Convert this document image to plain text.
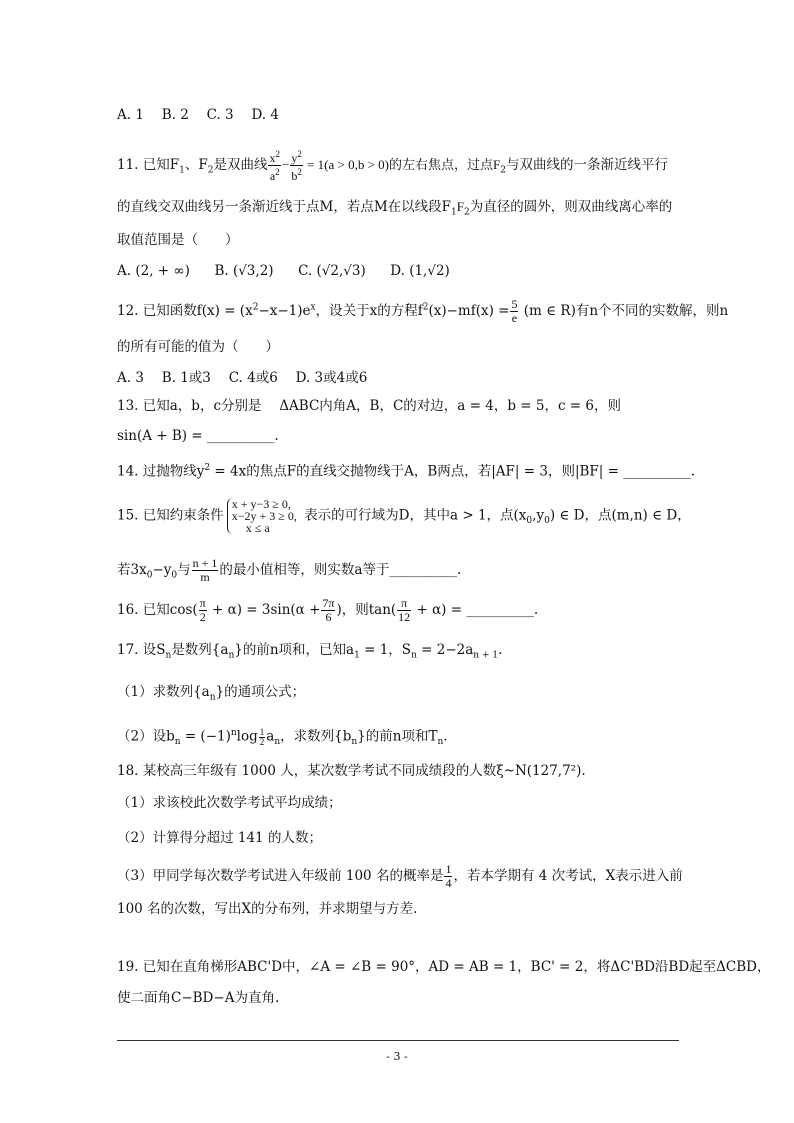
A. 1  B. 2  C. 3  D. 4
11. 已知$F_1$、$F_2$是双曲线 $\frac{x^2}{a^2} - \frac{y^2}{b^2} = 1(a > 0,b > 0)$的左右焦点，过点$F_2$与双曲线的一条渐近线平行
的直线交双曲线另一条渐近线于点M，若点M在以线段$F_1F_2$为直径的圆外，则双曲线离心率的
取值范围是（　　）
A. (2, + ∞)   B. (√3,2)   C. (√2,√3)   D. (1,√2)
12. 已知函数$f(x) = (x^2-x-1)e^x$，设关于x的方程$f^2(x)-mf(x) = \frac{5}{e} (m$ ∈ R)有n个不同的实数解，则n
的所有可能的值为（　　）
A. 3  B. 1或3  C. 4或6  D. 3或4或6
13. 已知a，b，c分别是　 ΔABC内角A，B，C的对边，a = 4，b = 5，c = 6，则
sin(A + B) = __________.
14. 过抛物线$y^2 = 4x$的焦点F的直线交抛物线于A，B两点，若|AF| = 3，则|BF| = __________.
15. 已知约束条件
x + y−3 ≥ 0,
x−2y + 3 ≥ 0,
x ≤ a
表示的可行域为D，其中a > 1，点$(x_0,y_0)$ ∈ D，点(m,n) ∈ D，
若$3x_0-y_0$与 $\frac{n + 1}{m}$ 的最小值相等，则实数a等于__________.
16. 已知$\cos( \frac{\pi}{2} + \alpha) = 3\sin(\alpha + \frac{7\pi}{6}$ )，则$\tan( \frac{\pi}{12} + \alpha)$ = __________.
17. 设$S_n$是数列$\{a_n\}$的前n项和，已知$a_1 = 1$，$S_n = 2-2a_{n + 1}$.
（1）求数列$\{a_n\}$的通项公式；
（2）设$b_n = (-1)^n\log \frac{1}{2} a_n$，求数列$\{b_n\}$的前n项和$T_n$.
18. 某校高三年级有 1000 人，某次数学考试不同成绩段的人数ξ~N(127,7²).
（1）求该校此次数学考试平均成绩；
（2）计算得分超过 141 的人数；
（3）甲同学每次数学考试进入年级前 100 名的概率是 $\frac{1}{4}$ ，若本学期有 4 次考试，X表示进入前
100 名的次数，写出X的分布列，并求期望与方差.
19. 已知在直角梯形ABC'D中，∠A = ∠B = 90°，AD = AB = 1，BC' = 2，将ΔC'BD沿BD起至ΔCBD，
使二面角C−BD−A为直角.
- 3 -
